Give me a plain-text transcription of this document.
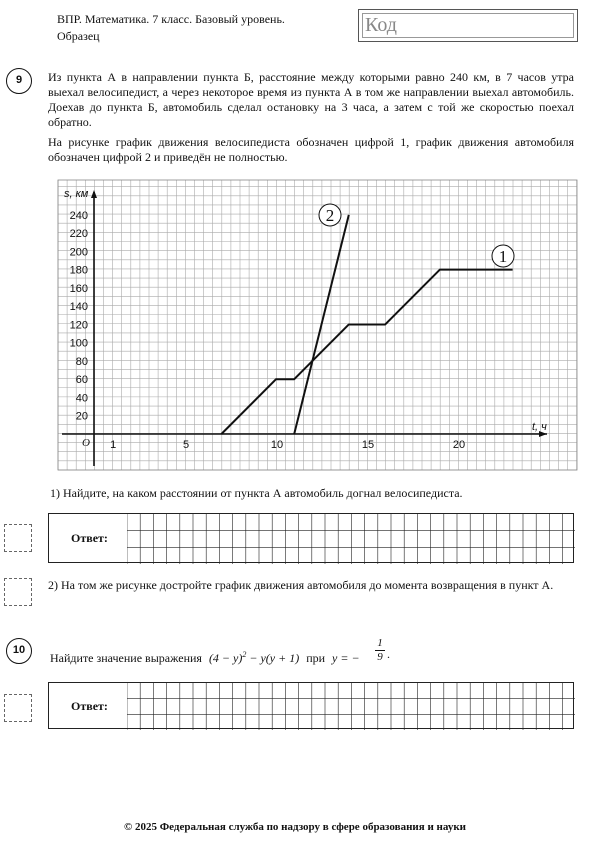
ВПР. Математика. 7 класс. Базовый уровень.
Образец	Код
9	Из пункта А в направлении пункта Б, расстояние между которыми равно 240 км, в 7 часов утра выехал велосипедист, а через некоторое время из пункта А в том же направлении выехал автомобиль. Доехав до пункта Б, автомобиль сделал остановку на 3 часа, а затем с той же скоростью поехал обратно.
На рисунке график движения велосипедиста обозначен цифрой 1, график движения автомобиля обозначен цифрой 2 и приведён не полностью.
20
40
60
80
100
120
140
160
180
200
220
240
1	5	10	15	20
O
s, км
t, ч
1
2
1) Найдите, на каком расстоянии от пункта А автомобиль догнал велосипедиста.
Ответ:
2) На том же рисунке достройте график движения автомобиля до момента возвращения в пункт А.
10
Найдите значение выражения $(4 - y)^2 - y(y + 1)$ при y = −
1
9 .
Ответ:
© 2025 Федеральная служба по надзору в сфере образования и науки
